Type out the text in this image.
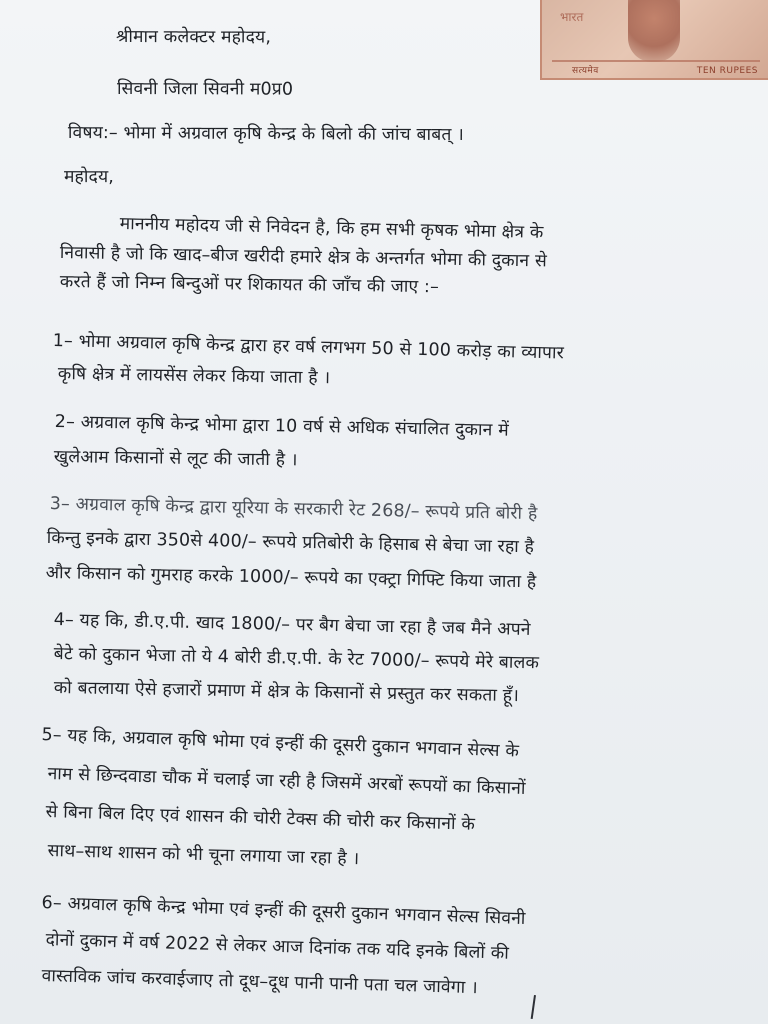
भारत
सत्यमेव	TEN RUPEES
श्रीमान कलेक्टर महोदय,
सिवनी जिला सिवनी म0प्र0
विषय:– भोमा में अग्रवाल कृषि केन्द्र के बिलो की जांच बाबत् ।
महोदय,
माननीय महोदय जी से निवेदन है, कि हम सभी कृषक भोमा क्षेत्र के
निवासी है जो कि खाद–बीज खरीदी हमारे क्षेत्र के अन्तर्गत भोमा की दुकान से
करते हैं जो निम्न बिन्दुओं पर शिकायत की जाँच की जाए :–
1– भोमा अग्रवाल कृषि केन्द्र द्वारा हर वर्ष लगभग 50 से 100 करोड़ का व्यापार
कृषि क्षेत्र में लायसेंस लेकर किया जाता है ।
2– अग्रवाल कृषि केन्द्र भोमा द्वारा 10 वर्ष से अधिक संचालित दुकान में
खुलेआम किसानों से लूट की जाती है ।
3– अग्रवाल कृषि केन्द्र द्वारा यूरिया के सरकारी रेट 268/– रूपये प्रति बोरी है
किन्तु इनके द्वारा 350से 400/– रूपये प्रतिबोरी के हिसाब से बेचा जा रहा है
और किसान को गुमराह करके 1000/– रूपये का एक्ट्रा गिफ्टि किया जाता है
4– यह कि, डी.ए.पी. खाद 1800/– पर बैग बेचा जा रहा है जब मैने अपने
बेटे को दुकान भेजा तो ये 4 बोरी डी.ए.पी. के रेट 7000/– रूपये मेरे बालक
को बतलाया ऐसे हजारों प्रमाण में क्षेत्र के किसानों से प्रस्तुत कर सकता हूँ।
5– यह कि, अग्रवाल कृषि भोमा एवं इन्हीं की दूसरी दुकान भगवान सेल्स के
नाम से छिन्दवाडा चौक में चलाई जा रही है जिसमें अरबों रूपयों का किसानों
से बिना बिल दिए एवं शासन की चोरी टेक्स की चोरी कर किसानों के
साथ–साथ शासन को भी चूना लगाया जा रहा है ।
6– अग्रवाल कृषि केन्द्र भोमा एवं इन्हीं की दूसरी दुकान भगवान सेल्स सिवनी
दोनों दुकान में वर्ष 2022 से लेकर आज दिनांक तक यदि इनके बिलों की
वास्तविक जांच करवाईजाए तो दूध–दूध पानी पानी पता चल जावेगा ।
